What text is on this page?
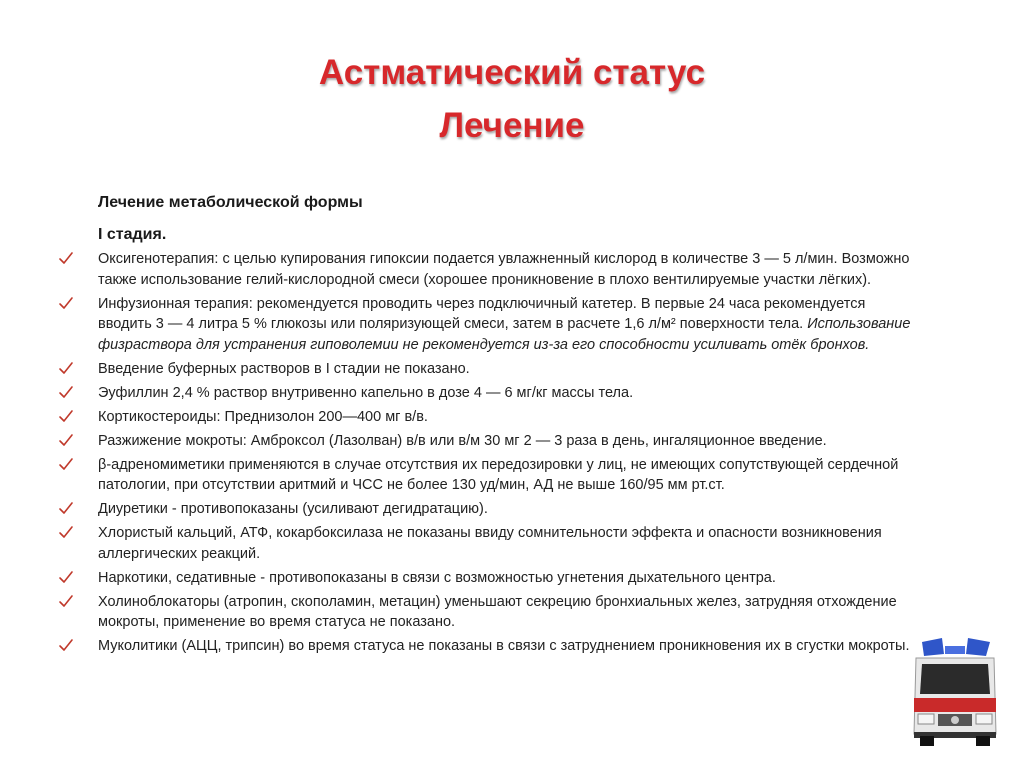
Астматический статус
Лечение
Лечение метаболической формы
I стадия.
Оксигенотерапия: с целью купирования гипоксии подается увлажненный кислород в количестве 3 — 5 л/мин. Возможно также использование гелий-кислородной смеси (хорошее проникновение в плохо вентилируемые участки лёгких).
Инфузионная терапия: рекомендуется проводить через подключичный катетер. В первые 24 часа рекомендуется вводить 3 — 4 литра 5 % глюкозы или поляризующей смеси, затем в расчете 1,6 л/м² поверхности тела. Использование физраствора для устранения гиповолемии не рекомендуется из-за его способности усиливать отёк бронхов.
Введение буферных растворов в I стадии не показано.
Эуфиллин 2,4 % раствор внутривенно капельно в дозе 4 — 6 мг/кг массы тела.
Кортикостероиды: Преднизолон 200—400 мг в/в.
Разжижение мокроты: Амброксол (Лазолван) в/в или в/м 30 мг 2 — 3 раза в день, ингаляционное введение.
β-адреномиметики применяются в случае отсутствия их передозировки у лиц, не имеющих сопутствующей сердечной патологии, при отсутствии аритмий и ЧСС не более 130 уд/мин, АД не выше 160/95 мм рт.ст.
Диуретики - противопоказаны (усиливают дегидратацию).
Хлористый кальций, АТФ, кокарбоксилаза не показаны ввиду сомнительности эффекта и опасности возникновения аллергических реакций.
Наркотики, седативные - противопоказаны в связи с возможностью угнетения дыхательного центра.
Холиноблокаторы (атропин, скополамин, метацин) уменьшают секрецию бронхиальных желез, затрудняя отхождение мокроты, применение во время статуса не показано.
Муколитики (АЦЦ, трипсин) во время статуса не показаны в связи с затруднением проникновения их в сгустки мокроты.
